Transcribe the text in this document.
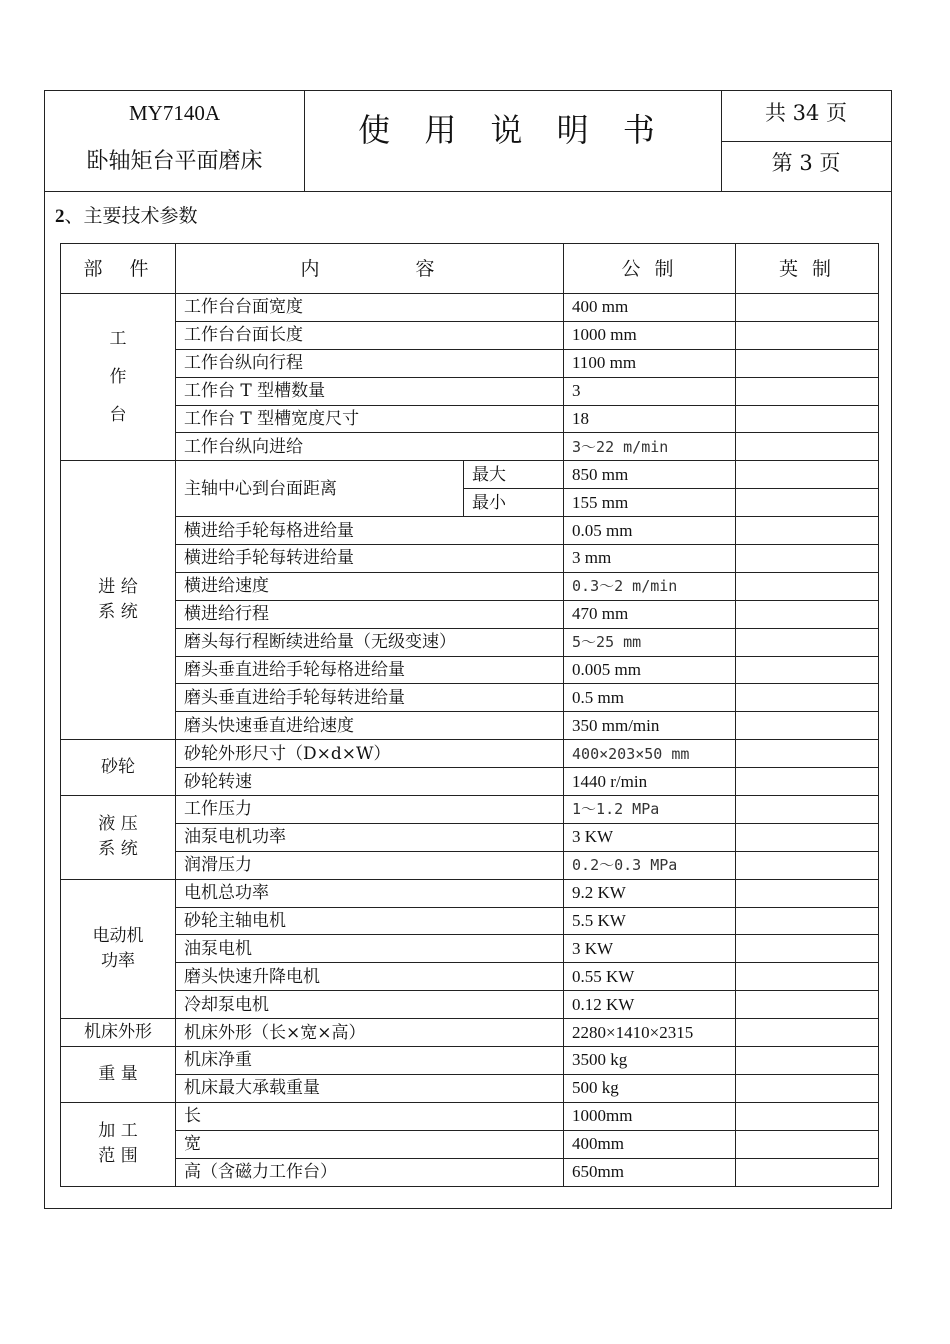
MY7140A
卧轴矩台平面磨床
使 用 说 明 书	共 34 页
第 3 页
2、主要技术参数
部　件	内　　　　容		公 制	英 制
工
作
台	工作台台面宽度		400 mm	
	工作台台面长度		1000 mm	
	工作台纵向行程		1100 mm	
	工作台 T 型槽数量		3	
	工作台 T 型槽宽度尺寸		18	
	工作台纵向进给		3～22 m/min	
进 给
系 统	主轴中心到台面距离	最大	850 mm	
		最小	155 mm	
	横进给手轮每格进给量		0.05 mm	
	横进给手轮每转进给量		3 mm	
	横进给速度		0.3～2 m/min	
	横进给行程		470 mm	
	磨头每行程断续进给量（无级变速）		5～25 mm	
	磨头垂直进给手轮每格进给量		0.005 mm	
	磨头垂直进给手轮每转进给量		0.5 mm	
	磨头快速垂直进给速度		350 mm/min	
砂轮	砂轮外形尺寸（D×d×W）		400×203×50 mm	
	砂轮转速		1440 r/min	
液 压
系 统	工作压力		1～1.2 MPa	
	油泵电机功率		3 KW	
	润滑压力		0.2～0.3 MPa	
电动机
功率	电机总功率		9.2 KW	
	砂轮主轴电机		5.5 KW	
	油泵电机		3 KW	
	磨头快速升降电机		0.55 KW	
	冷却泵电机		0.12 KW	
机床外形	机床外形（长×宽×高）		2280×1410×2315	
重 量	机床净重		3500 kg	
	机床最大承载重量		500 kg	
加 工
范 围	长		1000mm	
	宽		400mm	
	高（含磁力工作台）		650mm	
